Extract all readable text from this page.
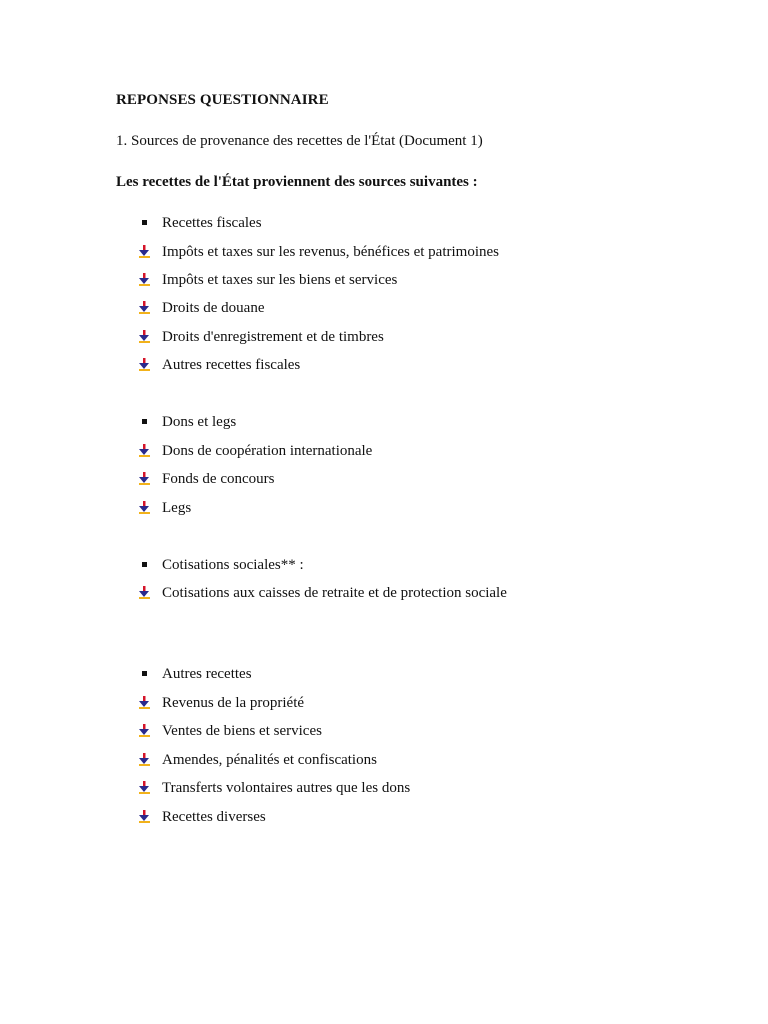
REPONSES QUESTIONNAIRE
1. Sources de provenance des recettes de l'État (Document 1)
Les recettes de l'État proviennent des sources suivantes :
Recettes fiscales
Impôts et taxes sur les revenus, bénéfices et patrimoines
Impôts et taxes sur les biens et services
Droits de douane
Droits d'enregistrement et de timbres
Autres recettes fiscales
Dons et legs
Dons de coopération internationale
Fonds de concours
Legs
Cotisations sociales** :
Cotisations aux caisses de retraite et de protection sociale
Autres recettes
Revenus de la propriété
Ventes de biens et services
Amendes, pénalités et confiscations
Transferts volontaires autres que les dons
Recettes diverses
